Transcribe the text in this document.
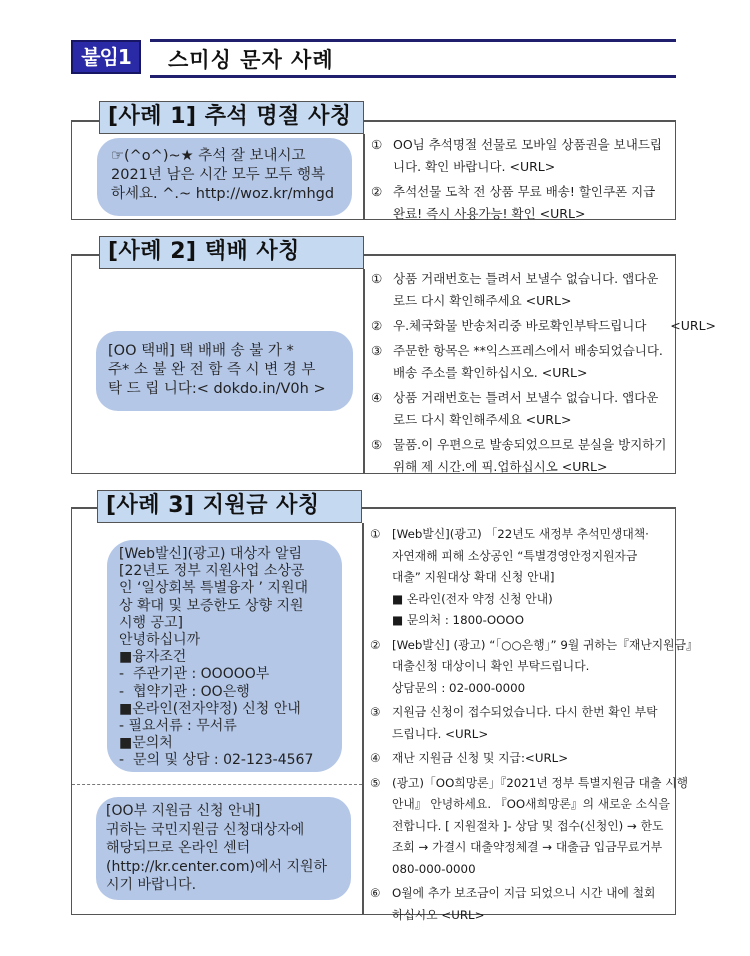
붙임1	스미싱 문자 사례
[사례 1] 추석 명절 사칭
☞(^o^)~★ 추석 잘 보내시고
2021년 남은 시간 모두 모두 행복
하세요. ^.~ http://woz.kr/mhgd
① OO님 추석명절 선물로 모바일 상품권을 보내드립
니다. 확인 바랍니다. <URL>
② 추석선물 도착 전 상품 무료 배송! 할인쿠폰 지급
완료! 즉시 사용가능! 확인 <URL>
[사례 2] 택배 사칭
[OO 택배] 택 배배 송 불 가 *
주* 소 불 완 전 함 즉 시 변 경 부
탁 드 립 니다:< dokdo.in/V0h >
① 상품 거래번호는 틀려서 보낼수 없습니다. 앱다운
로드 다시 확인해주세요 <URL>
② 우.체국화물 반송처리중 바로확인부탁드립니다      <URL>
③ 주문한 항목은 **익스프레스에서 배송되었습니다.
배송 주소를 확인하십시오. <URL>
④ 상품 거래번호는 틀려서 보낼수 없습니다. 앱다운
로드 다시 확인해주세요 <URL>
⑤ 물품.이 우편으로 발송되었으므로 분실을 방지하기
위해 제 시간.에 픽.업하십시오 <URL>
[사례 3] 지원금 사칭
[Web발신](광고) 대상자 알림
[22년도 정부 지원사업 소상공
인 ‘일상회복 특별융자 ’ 지원대
상 확대 및 보증한도 상향 지원
시행 공고]
안녕하십니까
■융자조건
-  주관기관 : OOOOO부
-  협약기관 : OO은행
■온라인(전자약정) 신청 안내
- 필요서류 : 무서류
■문의처
-  문의 및 상담 : 02-123-4567
[OO부 지원금 신청 안내]
귀하는 국민지원금 신청대상자에
해당되므로 온라인 센터
(http://kr.center.com)에서 지원하
시기 바랍니다.
① [Web발신](광고) 「22년도 새정부 추석민생대책·
자연재해 피해 소상공인 “특별경영안정지원자금
대출” 지원대상 확대 신청 안내]
■ 온라인(전자 약정 신청 안내)
■ 문의처 : 1800-OOOO
② [Web발신] (광고) “「○○은행」” 9월 귀하는『재난지원금』
대출신청 대상이니 확인 부탁드립니다.
상담문의 : 02-000-0000
③ 지원금 신청이 접수되었습니다. 다시 한번 확인 부탁
드립니다. <URL>
④ 재난 지원금 신청 및 지급:<URL>
⑤ (광고)「OO희망론」『2021년 정부 특별지원금 대출 시행
안내』 안녕하세요. 『OO새희망론』의 새로운 소식을
전합니다. [ 지원절차 ]- 상담 및 접수(신청인) → 한도
조회 → 가결시 대출약정체결 → 대출금 입금무료거부
080-000-0000
⑥ O월에 추가 보조금이 지급 되었으니 시간 내에 철회
하십시오 <URL>
